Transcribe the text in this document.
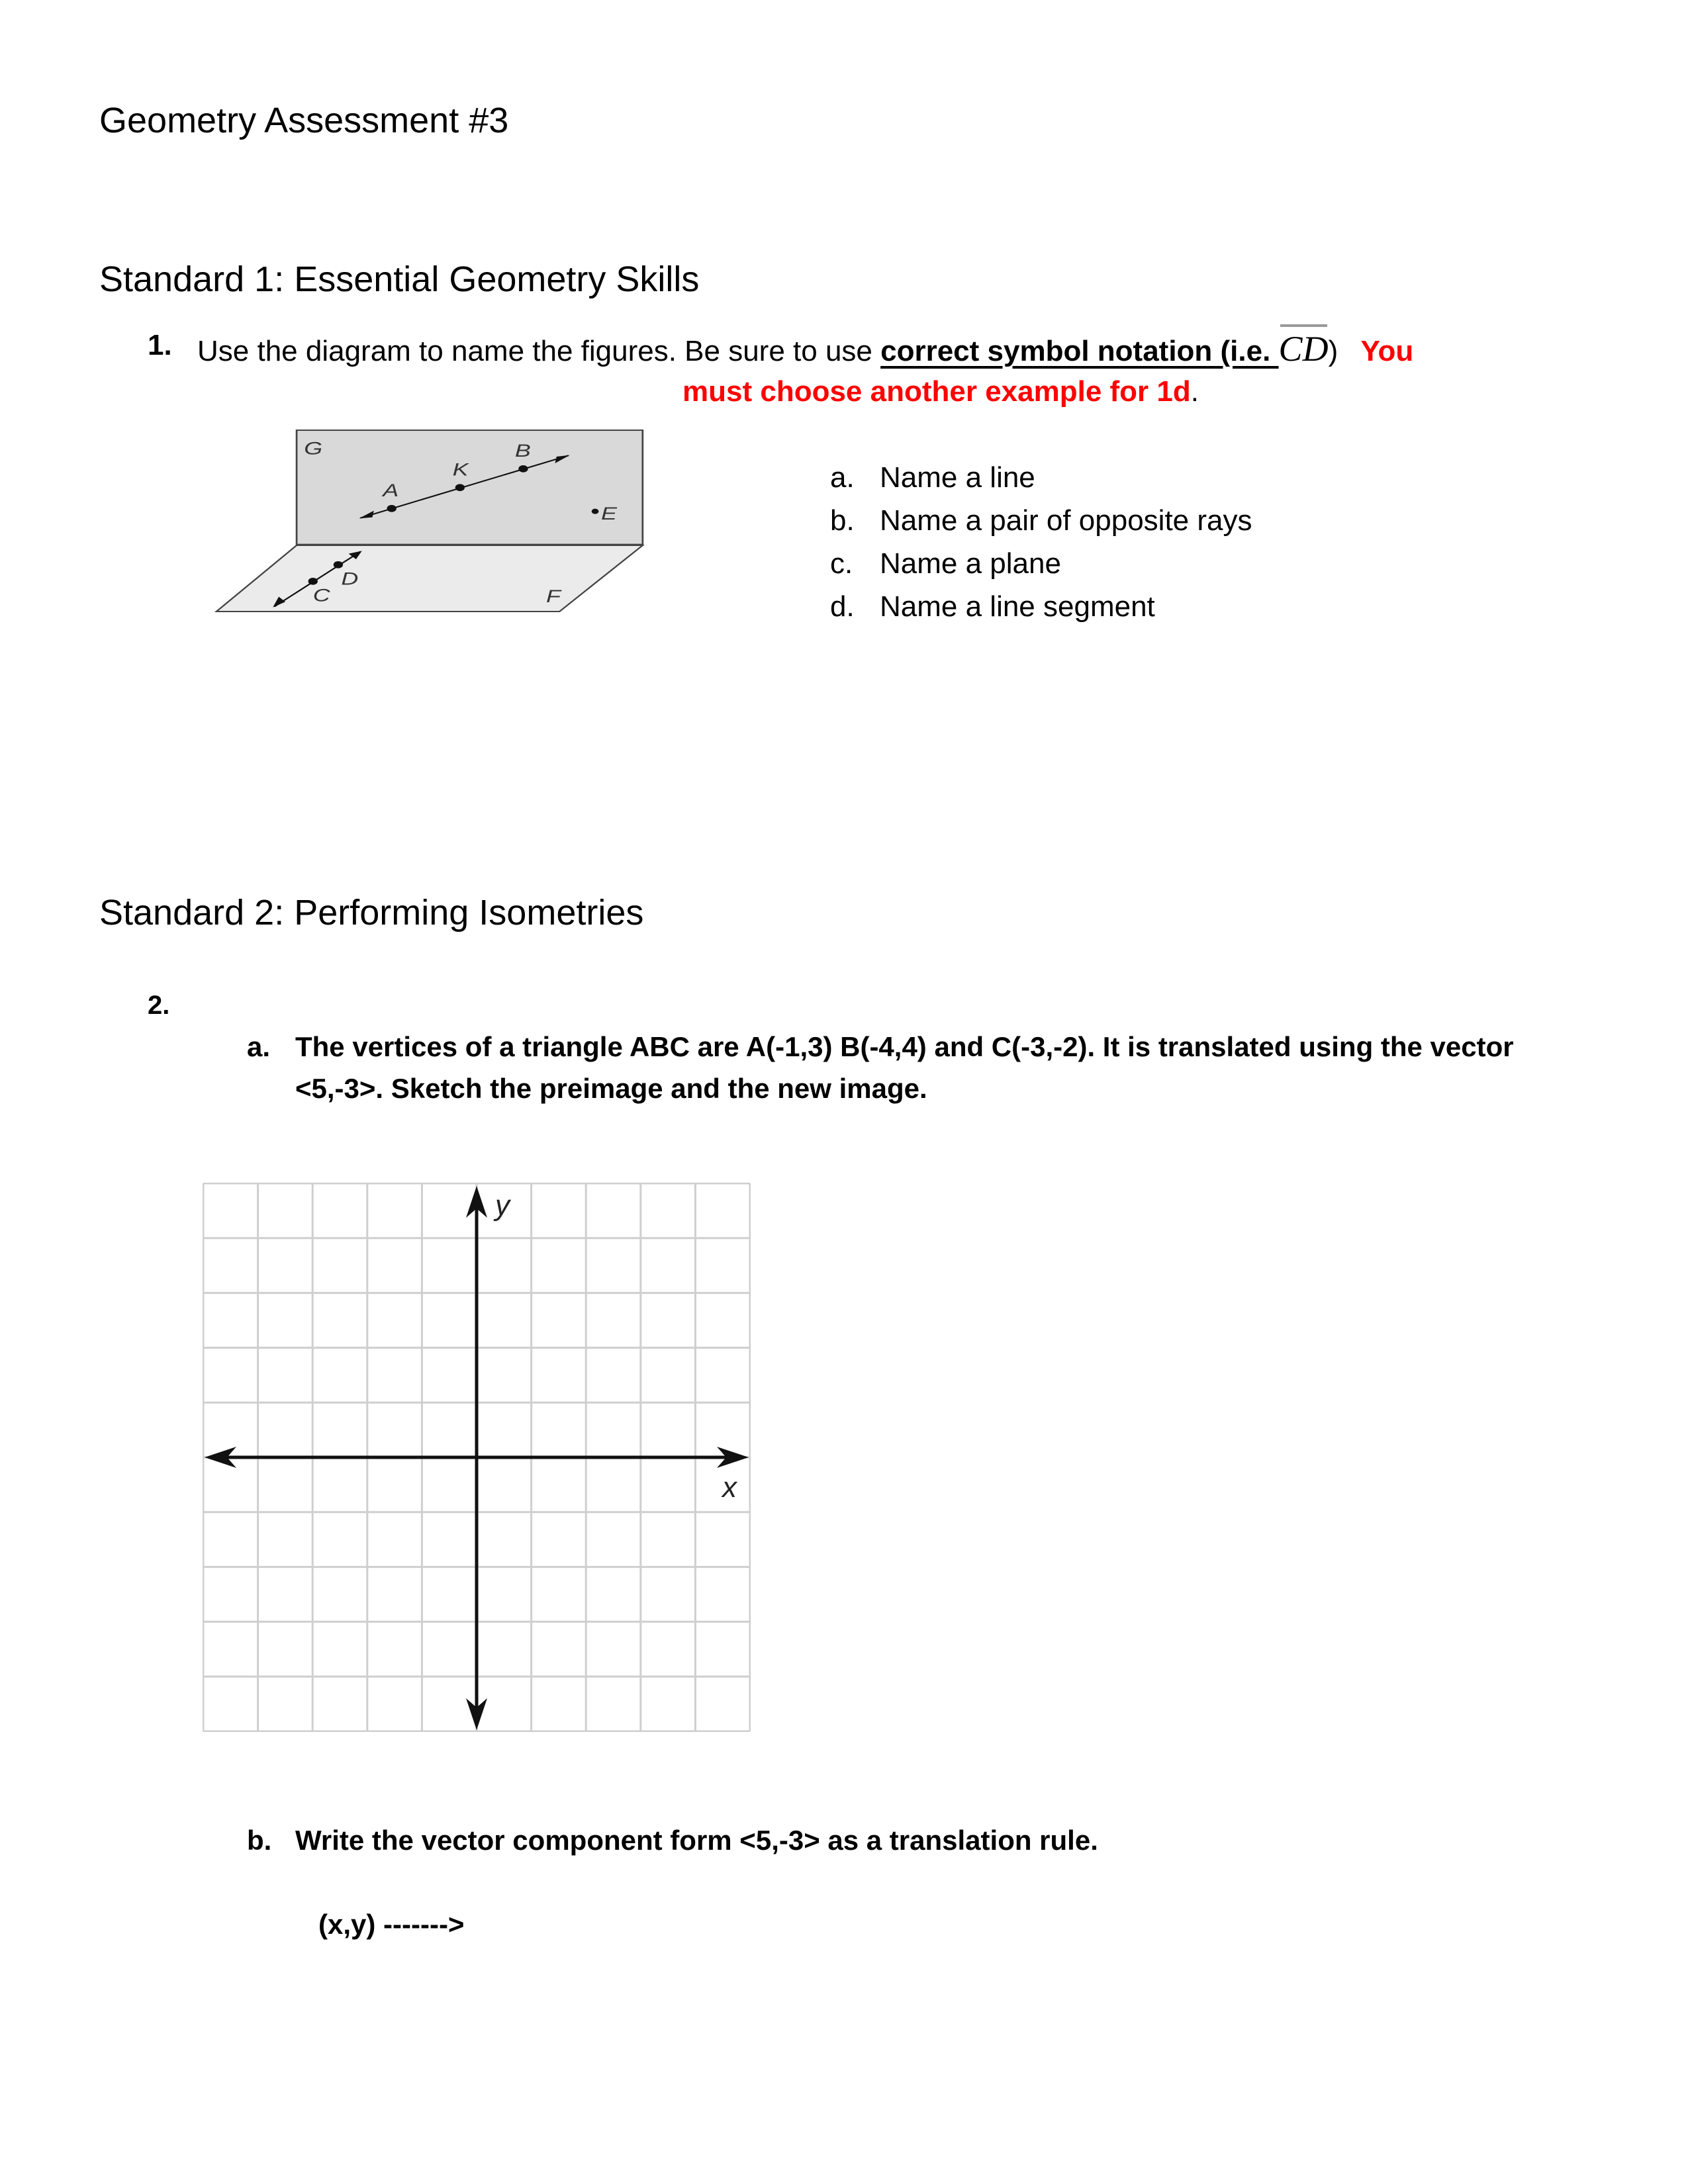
Geometry Assessment #3
Standard 1: Essential Geometry Skills
1. Use the diagram to name the figures. Be sure to use correct symbol notation (i.e.
CD) You
must choose another example for 1d.
G
A
K
B
E
C
D
F
a. Name a line
b. Name a pair of opposite rays
c. Name a plane
d. Name a line segment
Standard 2: Performing Isometries
2.
a. The vertices of a triangle ABC are A(-1,3) B(-4,4) and C(-3,-2). It is translated using the vector
<5,-3>. Sketch the preimage and the new image.
y
x
b. Write the vector component form <5,-3> as a translation rule.
(x,y) ------->
